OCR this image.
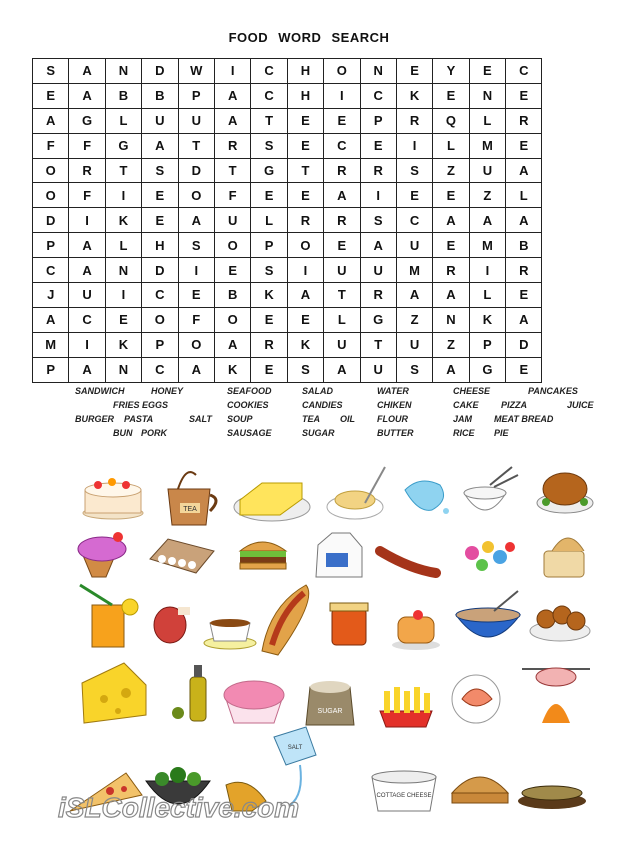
FOOD WORD SEARCH
S	A	N	D	W	I	C	H	O	N	E	Y	E	C
E	A	B	B	P	A	C	H	I	C	K	E	N	E
A	G	L	U	U	A	T	E	E	P	R	Q	L	R
F	F	G	A	T	R	S	E	C	E	I	L	M	E
O	R	T	S	D	T	G	T	R	R	S	Z	U	A
O	F	I	E	O	F	E	E	A	I	E	E	Z	L
D	I	K	E	A	U	L	R	R	S	C	A	A	A
P	A	L	H	S	O	P	O	E	A	U	E	M	B
C	A	N	D	I	E	S	I	U	U	M	R	I	R
J	U	I	C	E	B	K	A	T	R	A	A	L	E
A	C	E	O	F	O	E	E	L	G	Z	N	K	A
M	I	K	P	O	A	R	K	U	T	U	Z	P	D
P	A	N	C	A	K	E	S	A	U	S	A	G	E
SANDWICH	HONEY	SEAFOOD	SALAD	WATER	CHEESE	PANCAKES
FRIES EGGS	COOKIES	CANDIES	CHIKEN	CAKE PIZZA	JUICE
BURGER PASTA	SALT SOUP	TEA OIL FLOUR	JAM MEAT BREAD
BUN PORK	SAUSAGE	SUGAR	BUTTER	RICE PIE
TEA
SUGAR
SALT
COTTAGE CHEESE
iSLCollective.com
